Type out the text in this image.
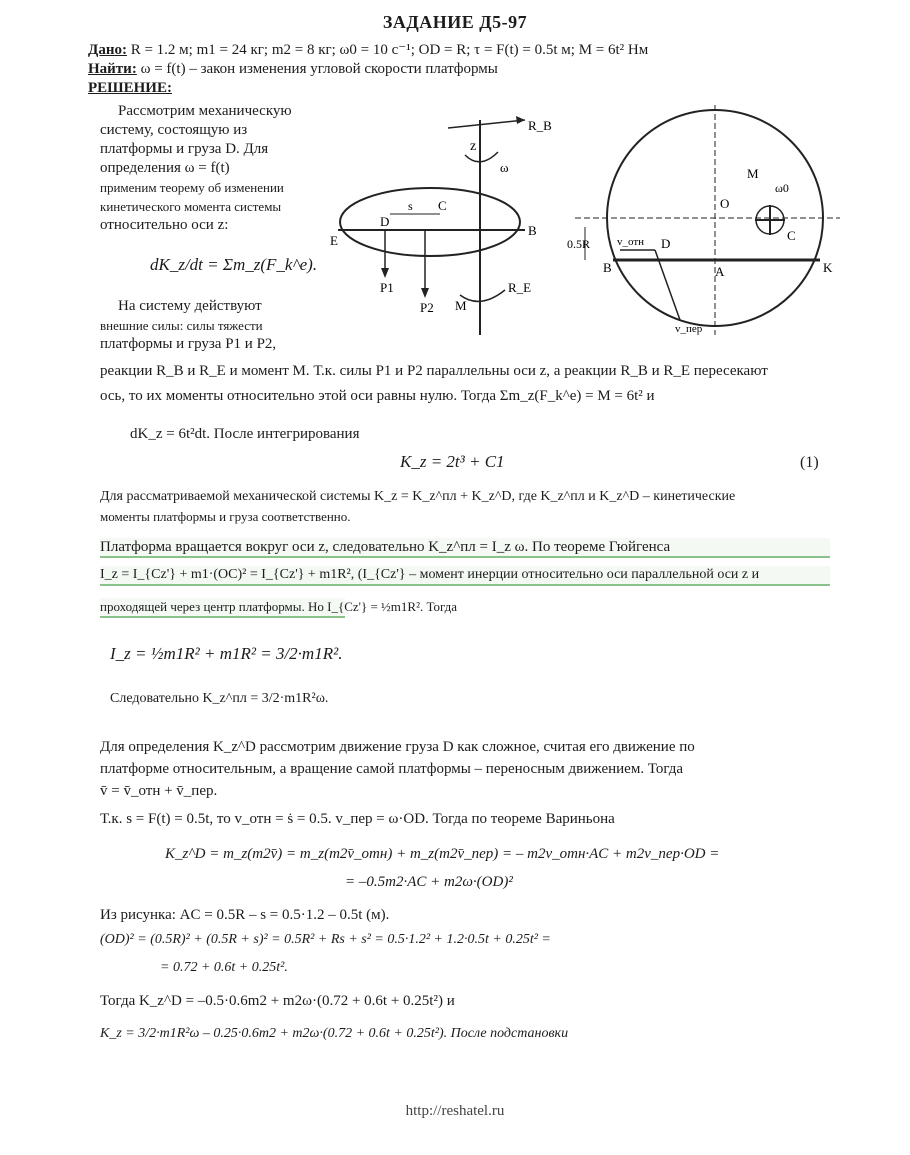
ЗАДАНИЕ Д5-97
Дано: R = 1.2 м; m1 = 24 кг; m2 = 8 кг; ω0 = 10 c⁻¹; OD = R; τ = F(t) = 0.5t м; M = 6t² Нм
Найти: ω = f(t) – закон изменения угловой скорости платформы
РЕШЕНИЕ:
Рассмотрим механическую
систему, состоящую из
платформы и груза D. Для
определения ω = f(t)
применим теорему об изменении
кинетического момента системы
относительно оси z:
dK_z/dt = Σm_z(F_k^e).
На систему действуют
внешние силы: силы тяжести
платформы и груза P1 и P2,
z
R_B
ω
B
E
C
s
D
P1
P2
R_E
M
O
M
ω0
C
0.5R v_отн D
A	K
B
v_пер
реакции R_B и R_E и момент M. Т.к. силы P1 и P2 параллельны оси z, а реакции R_B и R_E пересекают
ось, то их моменты относительно этой оси равны нулю. Тогда Σm_z(F_k^e) = M = 6t² и
dK_z = 6t²dt. После интегрирования
K_z = 2t³ + C1	(1)
Для рассматриваемой механической системы K_z = K_z^пл + K_z^D, где K_z^пл и K_z^D – кинетические
моменты платформы и груза соответственно.
Платформа вращается вокруг оси z, следовательно K_z^пл = I_z ω. По теореме Гюйгенса
I_z = I_{Cz'} + m1·(OC)² = I_{Cz'} + m1R², (I_{Cz'} – момент инерции относительно оси параллельной оси z и
проходящей через центр платформы. Но I_{Cz'} = ½m1R². Тогда
I_z = ½m1R² + m1R² = 3/2·m1R².
Следовательно K_z^пл = 3/2·m1R²ω.
Для определения K_z^D рассмотрим движение груза D как сложное, считая его движение по
платформе относительным, а вращение самой платформы – переносным движением. Тогда
v̄ = v̄_отн + v̄_пер.
Т.к. s = F(t) = 0.5t, то v_отн = ṡ = 0.5. v_пер = ω·OD. Тогда по теореме Вариньона
K_z^D = m_z(m2v̄) = m_z(m2v̄_отн) + m_z(m2v̄_пер) = – m2v_отн·AC + m2v_пер·OD =
= –0.5m2·AC + m2ω·(OD)²
Из рисунка: AC = 0.5R – s = 0.5·1.2 – 0.5t (м).
(OD)² = (0.5R)² + (0.5R + s)² = 0.5R² + Rs + s² = 0.5·1.2² + 1.2·0.5t + 0.25t² =
= 0.72 + 0.6t + 0.25t².
Тогда K_z^D = –0.5·0.6m2 + m2ω·(0.72 + 0.6t + 0.25t²) и
K_z = 3/2·m1R²ω – 0.25·0.6m2 + m2ω·(0.72 + 0.6t + 0.25t²). После подстановки
http://reshatel.ru
